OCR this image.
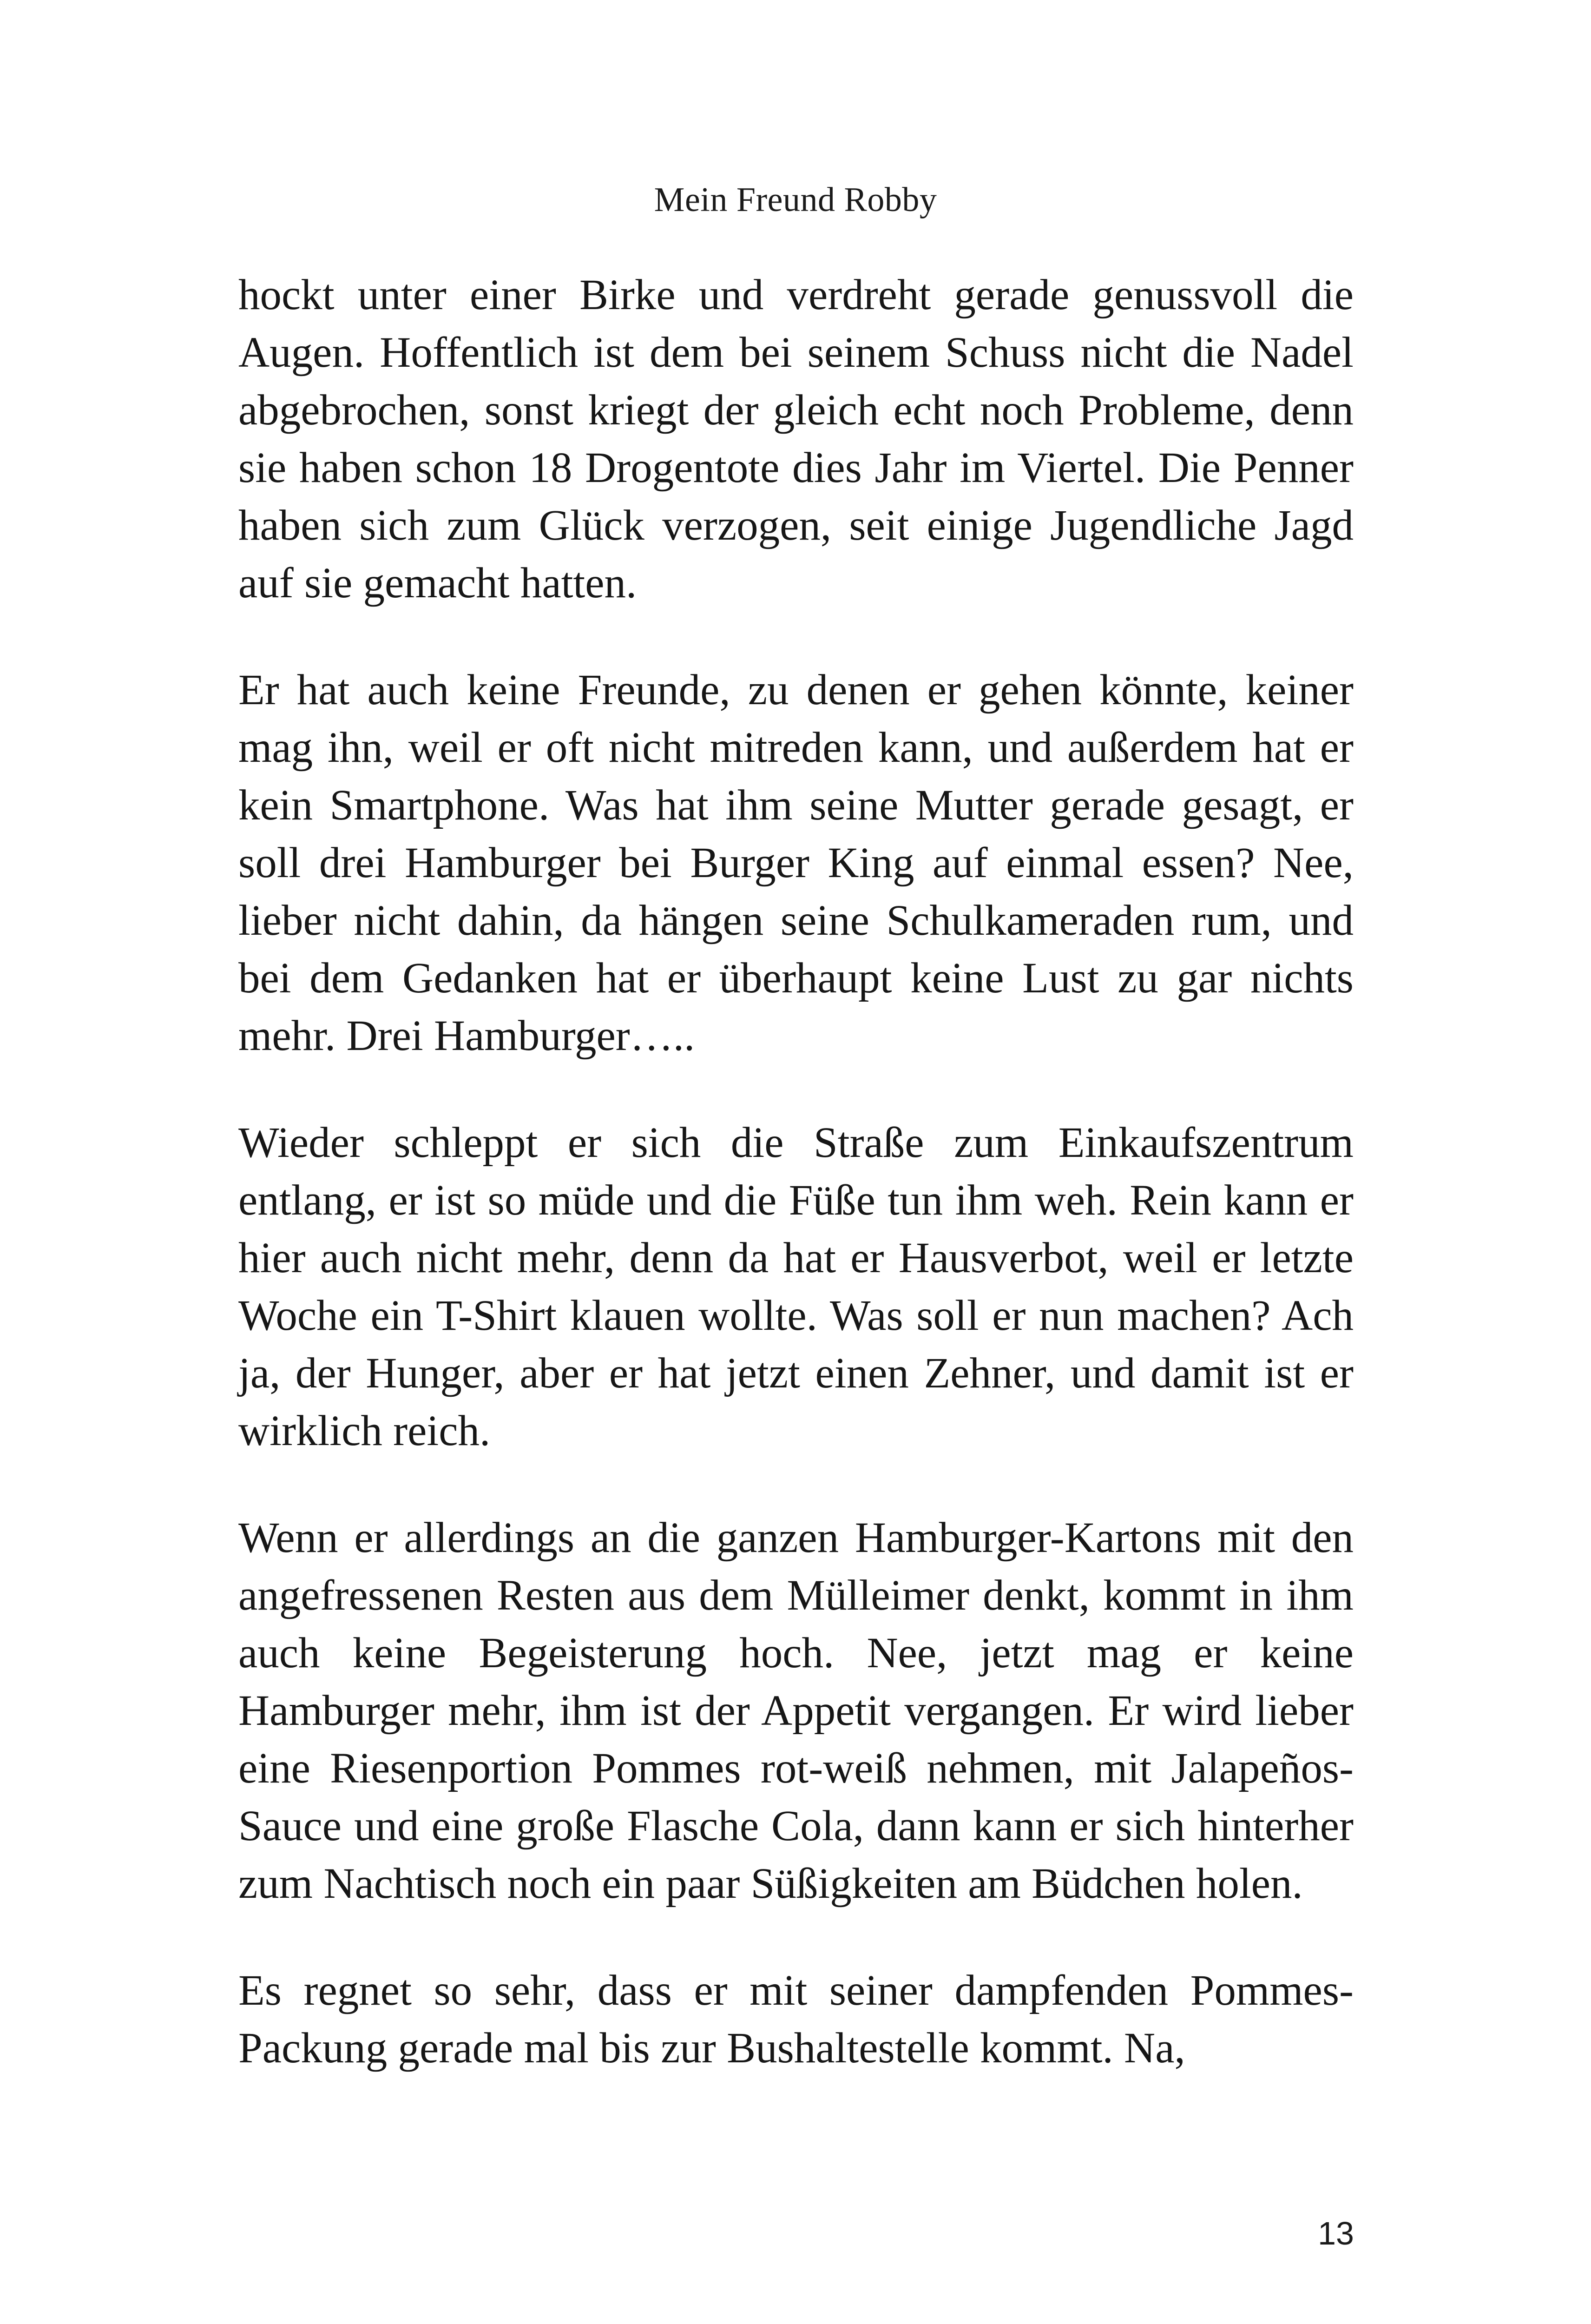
Mein Freund Robby

hockt unter einer Birke und verdreht gerade genussvoll die Augen. Hoffentlich ist dem bei seinem Schuss nicht die Nadel abgebrochen, sonst kriegt der gleich echt noch Probleme, denn sie haben schon 18 Drogentote dies Jahr im Viertel. Die Penner haben sich zum Glück verzogen, seit einige Jugendliche Jagd auf sie gemacht hatten.

Er hat auch keine Freunde, zu denen er gehen könnte, keiner mag ihn, weil er oft nicht mitreden kann, und außerdem hat er kein Smartphone. Was hat ihm seine Mutter gerade gesagt, er soll drei Hamburger bei Burger King auf einmal essen? Nee, lieber nicht dahin, da hängen seine Schulkameraden rum, und bei dem Gedanken hat er überhaupt keine Lust zu gar nichts mehr. Drei Hamburger…..

Wieder schleppt er sich die Straße zum Einkaufszentrum entlang, er ist so müde und die Füße tun ihm weh. Rein kann er hier auch nicht mehr, denn da hat er Hausverbot, weil er letzte Woche ein T-Shirt klauen wollte. Was soll er nun machen? Ach ja, der Hunger, aber er hat jetzt einen Zehner, und damit ist er wirklich reich.

Wenn er allerdings an die ganzen Hamburger-Kartons mit den angefressenen Resten aus dem Mülleimer denkt, kommt in ihm auch keine Begeisterung hoch. Nee, jetzt mag er keine Hamburger mehr, ihm ist der Appetit vergangen. Er wird lieber eine Riesenportion Pommes rot-weiß nehmen, mit Jalapeños-Sauce und eine große Flasche Cola, dann kann er sich hinterher zum Nachtisch noch ein paar Süßigkeiten am Büdchen holen.

Es regnet so sehr, dass er mit seiner dampfenden Pommes-Packung gerade mal bis zur Bushaltestelle kommt. Na,

13
